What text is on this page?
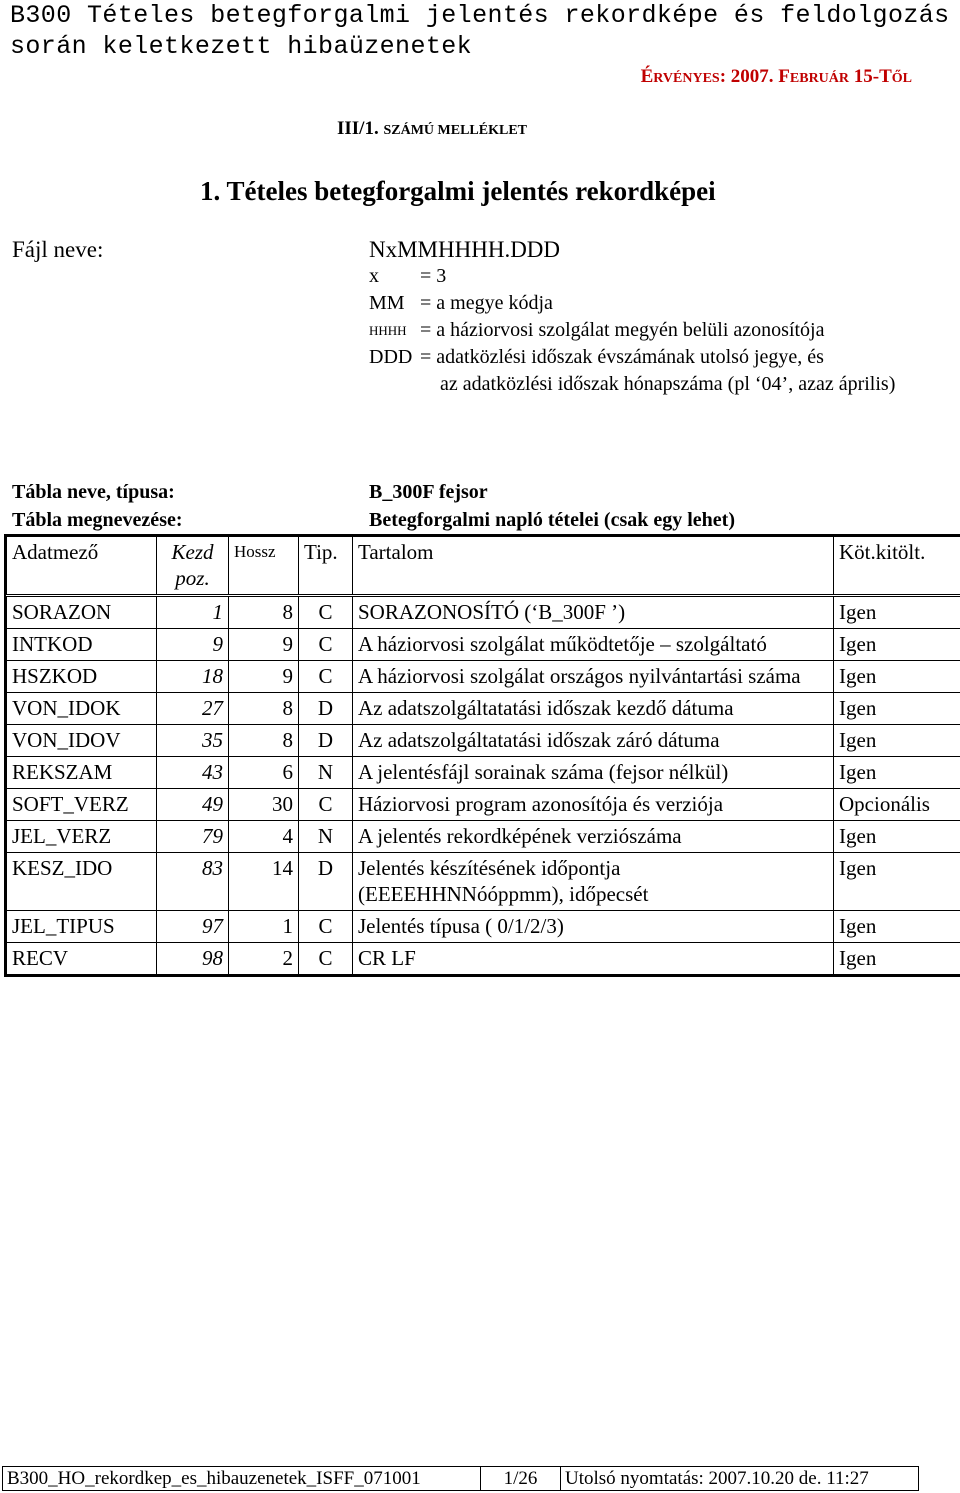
B300 Tételes betegforgalmi jelentés rekordképe és feldolgozás során keletkezett hibaüzenetek
ÉRVÉNYES: 2007. FEBRUÁR 15-TŐL
III/1. SZÁMÚ MELLÉKLET
1. Tételes betegforgalmi jelentés rekordképei
Fájl neve:	NxMMHHHH.DDD
x	= 3
MM = a megye kódja
HHHH = a háziorvosi szolgálat megyén belüli azonosítója
DDD = adatközlési időszak évszámának utolsó jegye, és
az adatközlési időszak hónapszáma (pl ‘04’, azaz április)
Tábla neve, típusa:	B_300F fejsor
Tábla megnevezése:	Betegforgalmi napló tételei (csak egy lehet)
Adatmező	Kezd poz.	Hossz	Tip.	Tartalom	Köt.kitölt.
SORAZON	1	8	C	SORAZONOSÍTÓ (‘B_300F ’)	Igen
INTKOD	9	9	C	A háziorvosi szolgálat működtetője – szolgáltató	Igen
HSZKOD	18	9	C	A háziorvosi szolgálat országos nyilvántartási száma	Igen
VON_IDOK	27	8	D	Az adatszolgáltatatási időszak kezdő dátuma	Igen
VON_IDOV	35	8	D	Az adatszolgáltatatási időszak záró dátuma	Igen
REKSZAM	43	6	N	A jelentésfájl sorainak száma (fejsor nélkül)	Igen
SOFT_VERZ	49	30	C	Háziorvosi program azonosítója és verziója	Opcionális
JEL_VERZ	79	4	N	A jelentés rekordképének verziószáma	Igen
KESZ_IDO	83	14	D	Jelentés készítésének időpontja (EEEEHHNNóóppmm), időpecsét	Igen
JEL_TIPUS	97	1	C	Jelentés típusa ( 0/1/2/3)	Igen
RECV	98	2	C	CR LF	Igen
B300_HO_rekordkep_es_hibauzenetek_ISFF_071001	1/26	Utolsó nyomtatás: 2007.10.20 de. 11:27
